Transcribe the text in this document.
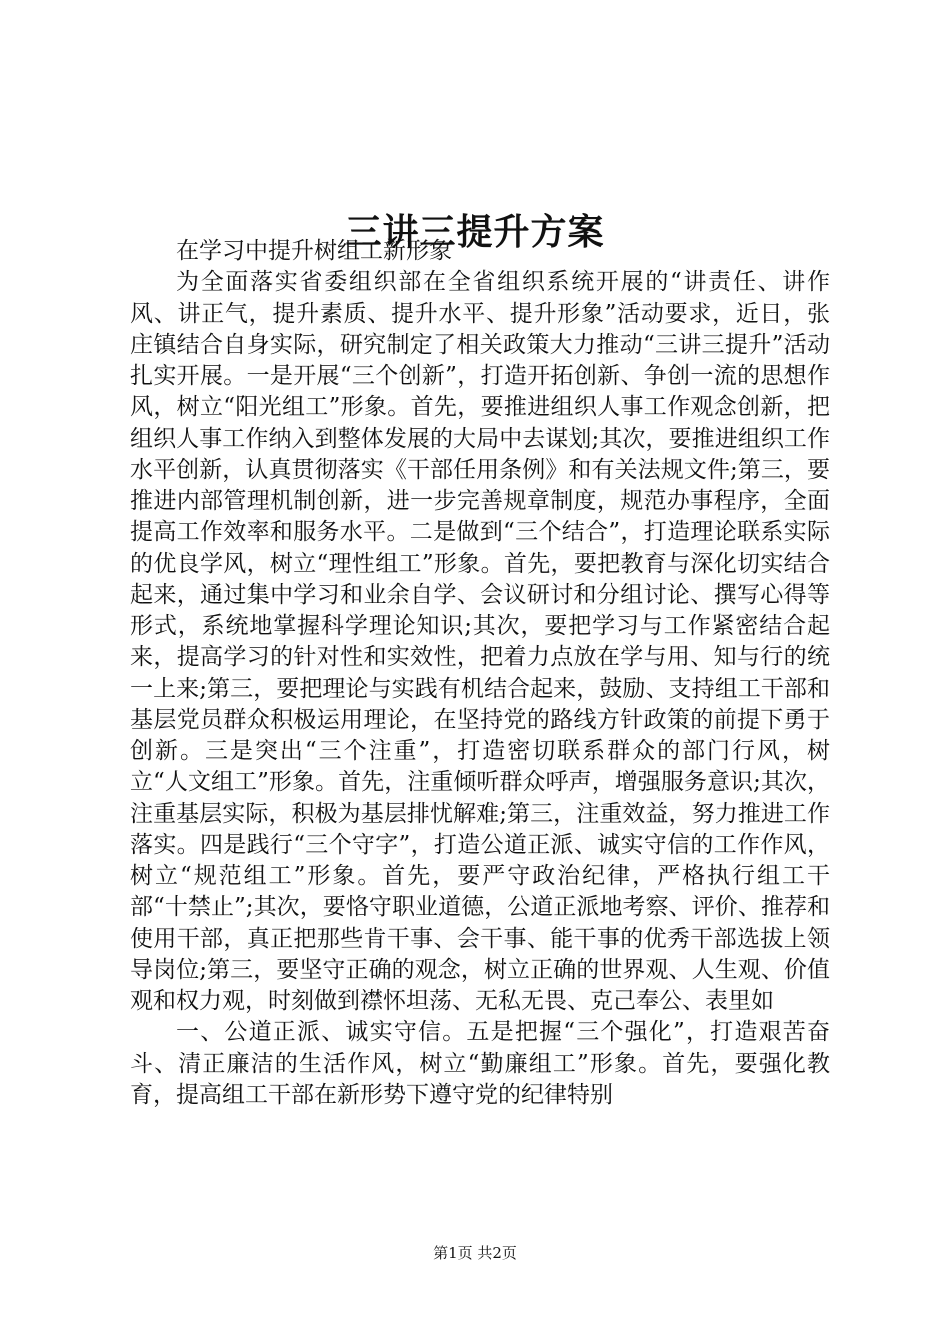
三讲三提升方案

在学习中提升树组工新形象

为全面落实省委组织部在全省组织系统开展的“讲责任、讲作风、讲正气，提升素质、提升水平、提升形象”活动要求，近日，张庄镇结合自身实际，研究制定了相关政策大力推动“三讲三提升”活动扎实开展。一是开展“三个创新”，打造开拓创新、争创一流的思想作风，树立“阳光组工”形象。首先，要推进组织人事工作观念创新，把组织人事工作纳入到整体发展的大局中去谋划;其次，要推进组织工作水平创新，认真贯彻落实《干部任用条例》和有关法规文件;第三，要推进内部管理机制创新，进一步完善规章制度，规范办事程序，全面提高工作效率和服务水平。二是做到“三个结合”，打造理论联系实际的优良学风，树立“理性组工”形象。首先，要把教育与深化切实结合起来，通过集中学习和业余自学、会议研讨和分组讨论、撰写心得等形式，系统地掌握科学理论知识;其次，要把学习与工作紧密结合起来，提高学习的针对性和实效性，把着力点放在学与用、知与行的统一上来;第三，要把理论与实践有机结合起来，鼓励、支持组工干部和基层党员群众积极运用理论，在坚持党的路线方针政策的前提下勇于创新。三是突出“三个注重”，打造密切联系群众的部门行风，树立“人文组工”形象。首先，注重倾听群众呼声，增强服务意识;其次，注重基层实际，积极为基层排忧解难;第三，注重效益，努力推进工作落实。四是践行“三个守字”，打造公道正派、诚实守信的工作作风，树立“规范组工”形象。首先，要严守政治纪律，严格执行组工干部“十禁止”;其次，要恪守职业道德，公道正派地考察、评价、推荐和使用干部，真正把那些肯干事、会干事、能干事的优秀干部选拔上领导岗位;第三，要坚守正确的观念，树立正确的世界观、人生观、价值观和权力观，时刻做到襟怀坦荡、无私无畏、克己奉公、表里如

一、公道正派、诚实守信。五是把握“三个强化”，打造艰苦奋斗、清正廉洁的生活作风，树立“勤廉组工”形象。首先，要强化教育，提高组工干部在新形势下遵守党的纪律特别

第1页 共2页
